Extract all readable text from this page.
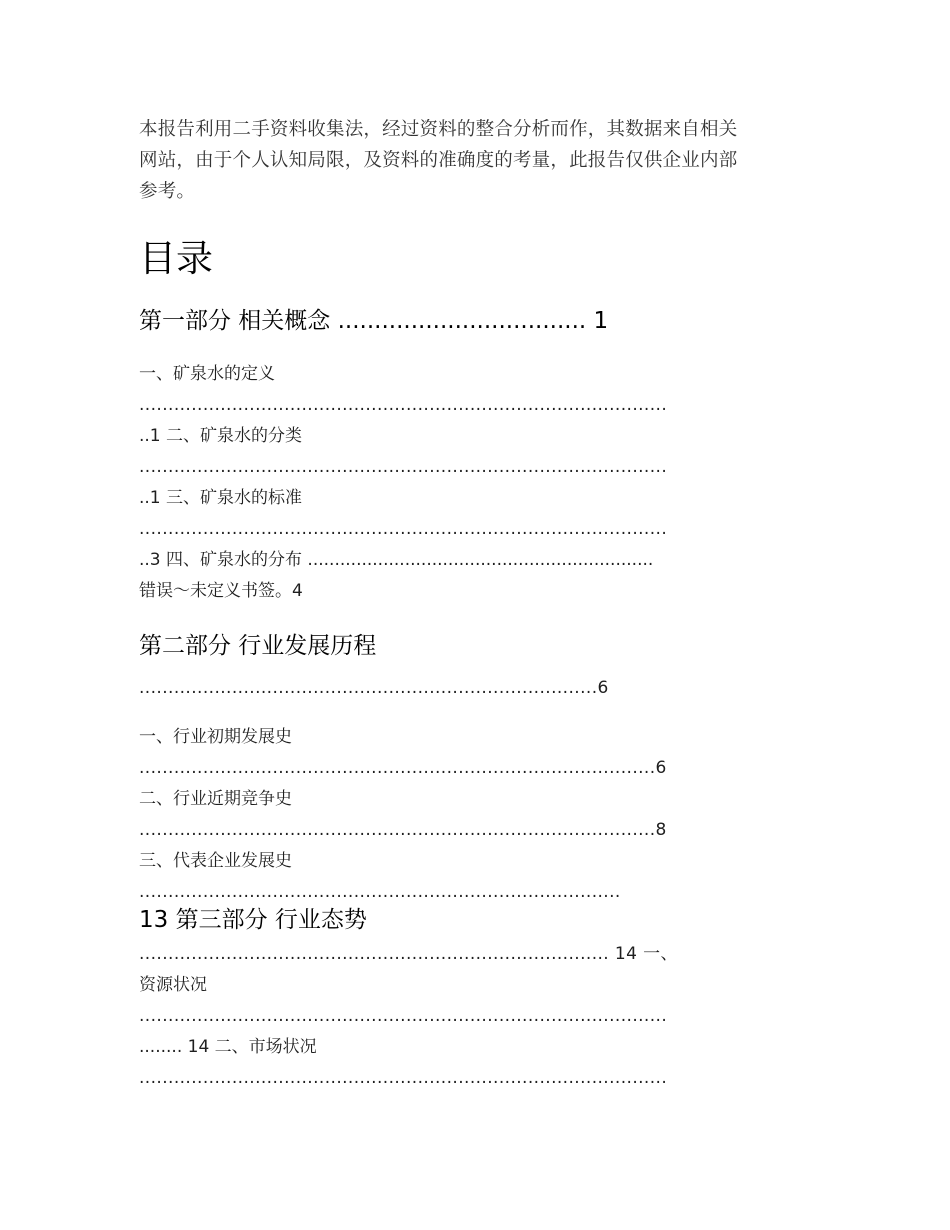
本报告利用二手资料收集法，经过资料的整合分析而作，其数据来自相关
网站，由于个人认知局限，及资料的准确度的考量，此报告仅供企业内部
参考。
目录
第一部分 相关概念 .................................. 1
一、矿泉水的定义
...........................................................................................
..1 二、矿泉水的分类
...........................................................................................
..1 三、矿泉水的标准
...........................................................................................
..3 四、矿泉水的分布 ................................................................
错误～未定义书签。4
第二部分 行业发展历程
...............................................................................6
一、行业初期发展史
.........................................................................................6
二、行业近期竞争史
.........................................................................................8
三、代表企业发展史
...................................................................................
13 第三部分 行业态势
................................................................................. 14 一、
资源状况
...........................................................................................
........ 14 二、市场状况
...........................................................................................
